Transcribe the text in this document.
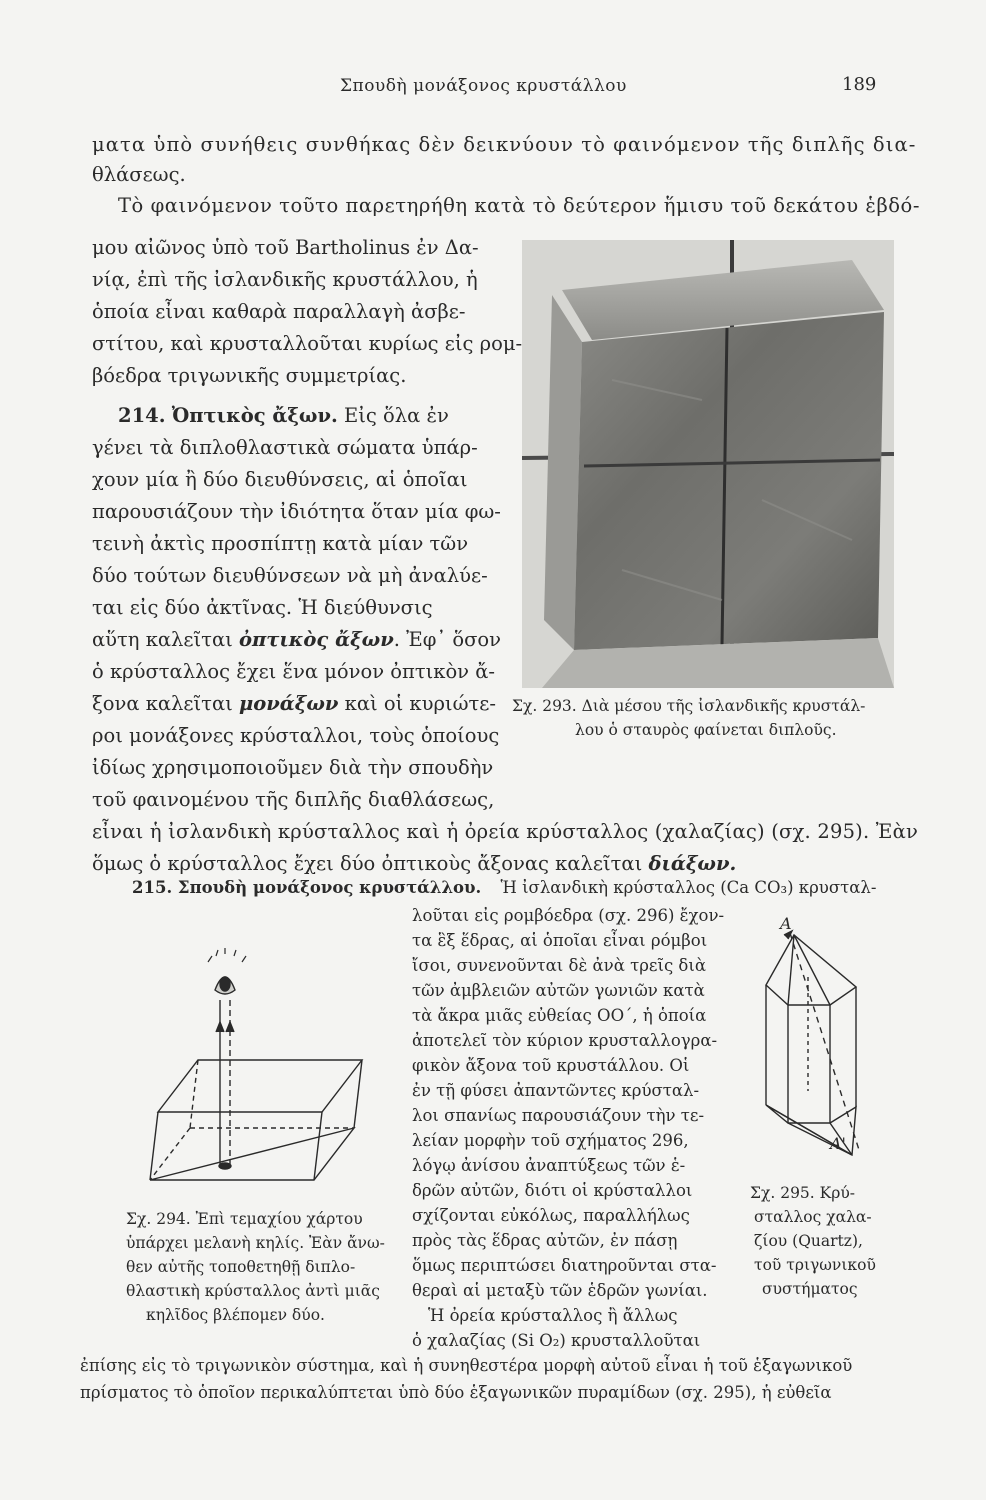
Σπουδὴ μονάξονος κρυστάλλου	189
ματα ὑπὸ συνήθεις συνθήκας δὲν δεικνύουν τὸ φαινόμενον τῆς διπλῆς δια-
θλάσεως.
Τὸ φαινόμενον τοῦτο παρετηρήθη κατὰ τὸ δεύτερον ἥμισυ τοῦ δεκάτου ἑβδό-
μου αἰῶνος ὑπὸ τοῦ Bartholinus ἐν Δα-
νίᾳ, ἐπὶ τῆς ἰσλανδικῆς κρυστάλλου, ἡ
ὁποία εἶναι καθαρὰ παραλλαγὴ ἀσβε-
στίτου, καὶ κρυσταλλοῦται κυρίως εἰς ρομ-
βόεδρα τριγωνικῆς συμμετρίας.
214. Ὀπτικὸς ἄξων. Εἰς ὅλα ἐν
γένει τὰ διπλοθλαστικὰ σώματα ὑπάρ-
χουν μία ἢ δύο διευθύνσεις, αἱ ὁποῖαι
παρουσιάζουν τὴν ἰδιότητα ὅταν μία φω-
τεινὴ ἀκτὶς προσπίπτῃ κατὰ μίαν τῶν
δύο τούτων διευθύνσεων νὰ μὴ ἀναλύε-
ται εἰς δύο ἀκτῖνας. Ἡ διεύθυνσις
αὕτη καλεῖται ὀπτικὸς ἄξων. Ἐφ᾿ ὅσον
ὁ κρύσταλλος ἔχει ἕνα μόνον ὀπτικὸν ἄ-
ξονα καλεῖται μονάξων καὶ οἱ κυριώτε-
ροι μονάξονες κρύσταλλοι, τοὺς ὁποίους
ἰδίως χρησιμοποιοῦμεν διὰ τὴν σπουδὴν
τοῦ φαινομένου τῆς διπλῆς διαθλάσεως,
εἶναι ἡ ἰσλανδικὴ κρύσταλλος καὶ ἡ ὀρεία κρύσταλλος (χαλαζίας) (σχ. 295). Ἐὰν
ὅμως ὁ κρύσταλλος ἔχει δύο ὀπτικοὺς ἄξονας καλεῖται διάξων.
Σχ. 293. Διὰ μέσου τῆς ἰσλανδικῆς κρυστάλ-
λου ὁ σταυρὸς φαίνεται διπλοῦς.
215. Σπουδὴ μονάξονος κρυστάλλου. Ἡ ἰσλανδικὴ κρύσταλλος (Ca CO₃) κρυσταλ-
λοῦται εἰς ρομβόεδρα (σχ. 296) ἔχον-
τα ἓξ ἕδρας, αἱ ὁποῖαι εἶναι ρόμβοι
ἴσοι, συνενοῦνται δὲ ἀνὰ τρεῖς διὰ
τῶν ἀμβλειῶν αὐτῶν γωνιῶν κατὰ
τὰ ἄκρα μιᾶς εὐθείας ΟΟ΄, ἡ ὁποία
ἀποτελεῖ τὸν κύριον κρυσταλλογρα-
φικὸν ἄξονα τοῦ κρυστάλλου. Οἱ
ἐν τῇ φύσει ἀπαντῶντες κρύσταλ-
λοι σπανίως παρουσιάζουν τὴν τε-
λείαν μορφὴν τοῦ σχήματος 296,
λόγῳ ἀνίσου ἀναπτύξεως τῶν ἑ-
δρῶν αὐτῶν, διότι οἱ κρύσταλλοι
σχίζονται εὐκόλως, παραλλήλως
πρὸς τὰς ἕδρας αὐτῶν, ἐν πάσῃ
ὅμως περιπτώσει διατηροῦνται στα-
θεραὶ αἱ μεταξὺ τῶν ἑδρῶν γωνίαι.
Ἡ ὀρεία κρύσταλλος ἢ ἄλλως
ὁ χαλαζίας (Si O₂) κρυσταλλοῦται
ἐπίσης εἰς τὸ τριγωνικὸν σύστημα, καὶ ἡ συνηθεστέρα μορφὴ αὐτοῦ εἶναι ἡ τοῦ ἑξαγωνικοῦ
πρίσματος τὸ ὁποῖον περικαλύπτεται ὑπὸ δύο ἑξαγωνικῶν πυραμίδων (σχ. 295), ἡ εὐθεῖα
Σχ. 294. Ἐπὶ τεμαχίου χάρτου
ὑπάρχει μελανὴ κηλίς. Ἐὰν ἄνω-
θεν αὐτῆς τοποθετηθῇ διπλο-
θλαστικὴ κρύσταλλος ἀντὶ μιᾶς
κηλῖδος βλέπομεν δύο.
A
A'
Σχ. 295. Κρύ-
σταλλος χαλα-
ζίου (Quartz),
τοῦ τριγωνικοῦ
συστήματος
